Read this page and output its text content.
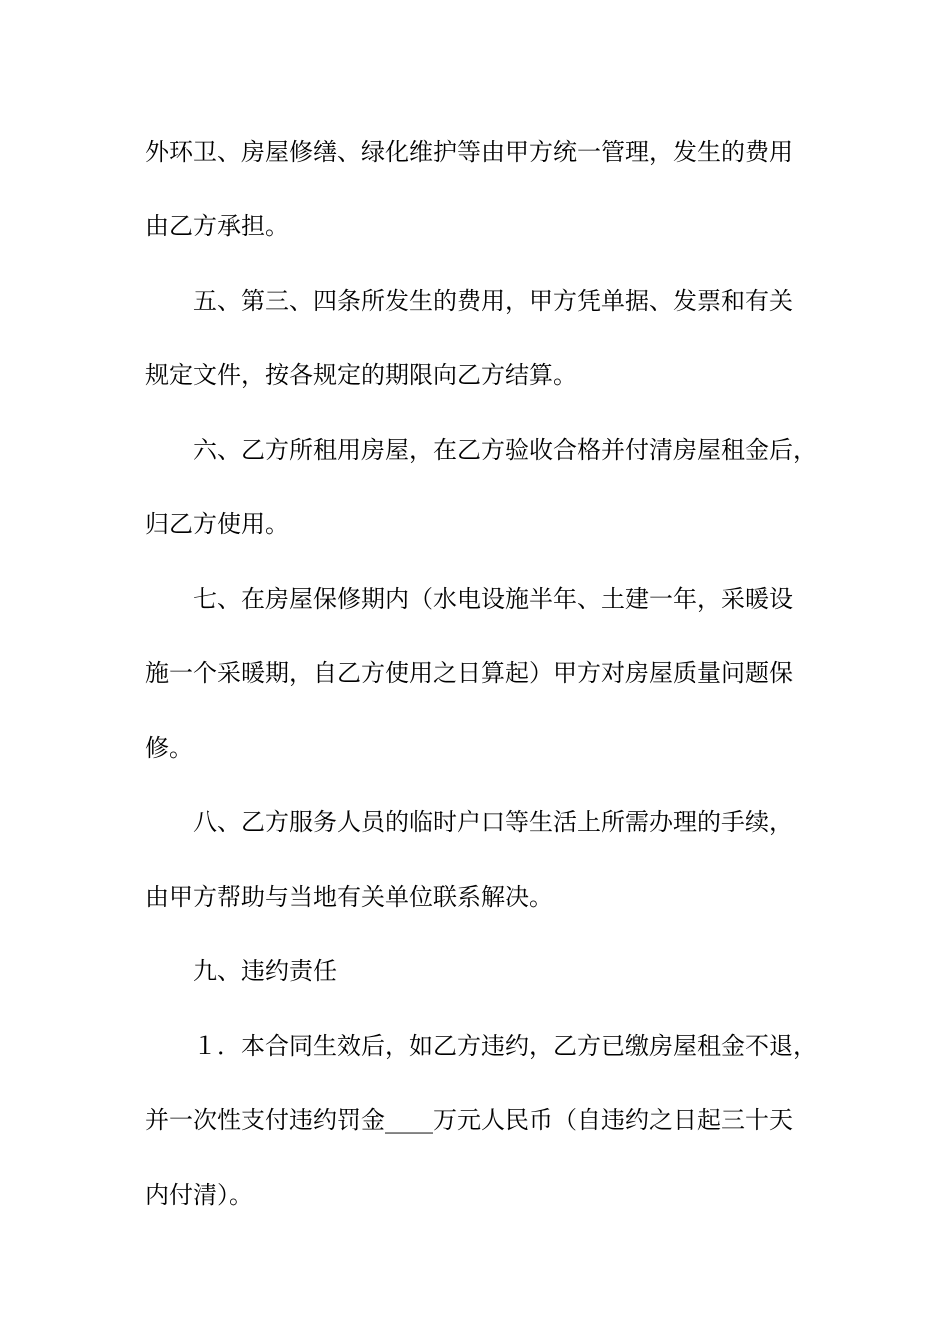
外环卫、房屋修缮、绿化维护等由甲方统一管理，发生的费用
由乙方承担。
五、第三、四条所发生的费用，甲方凭单据、发票和有关
规定文件，按各规定的期限向乙方结算。
六、乙方所租用房屋，在乙方验收合格并付清房屋租金后，
归乙方使用。
七、在房屋保修期内（水电设施半年、土建一年，采暖设
施一个采暖期，自乙方使用之日算起）甲方对房屋质量问题保
修。
八、乙方服务人员的临时户口等生活上所需办理的手续，
由甲方帮助与当地有关单位联系解决。
九、违约责任
１．本合同生效后，如乙方违约，乙方已缴房屋租金不退，
并一次性支付违约罚金____万元人民币（自违约之日起三十天
内付清）。
